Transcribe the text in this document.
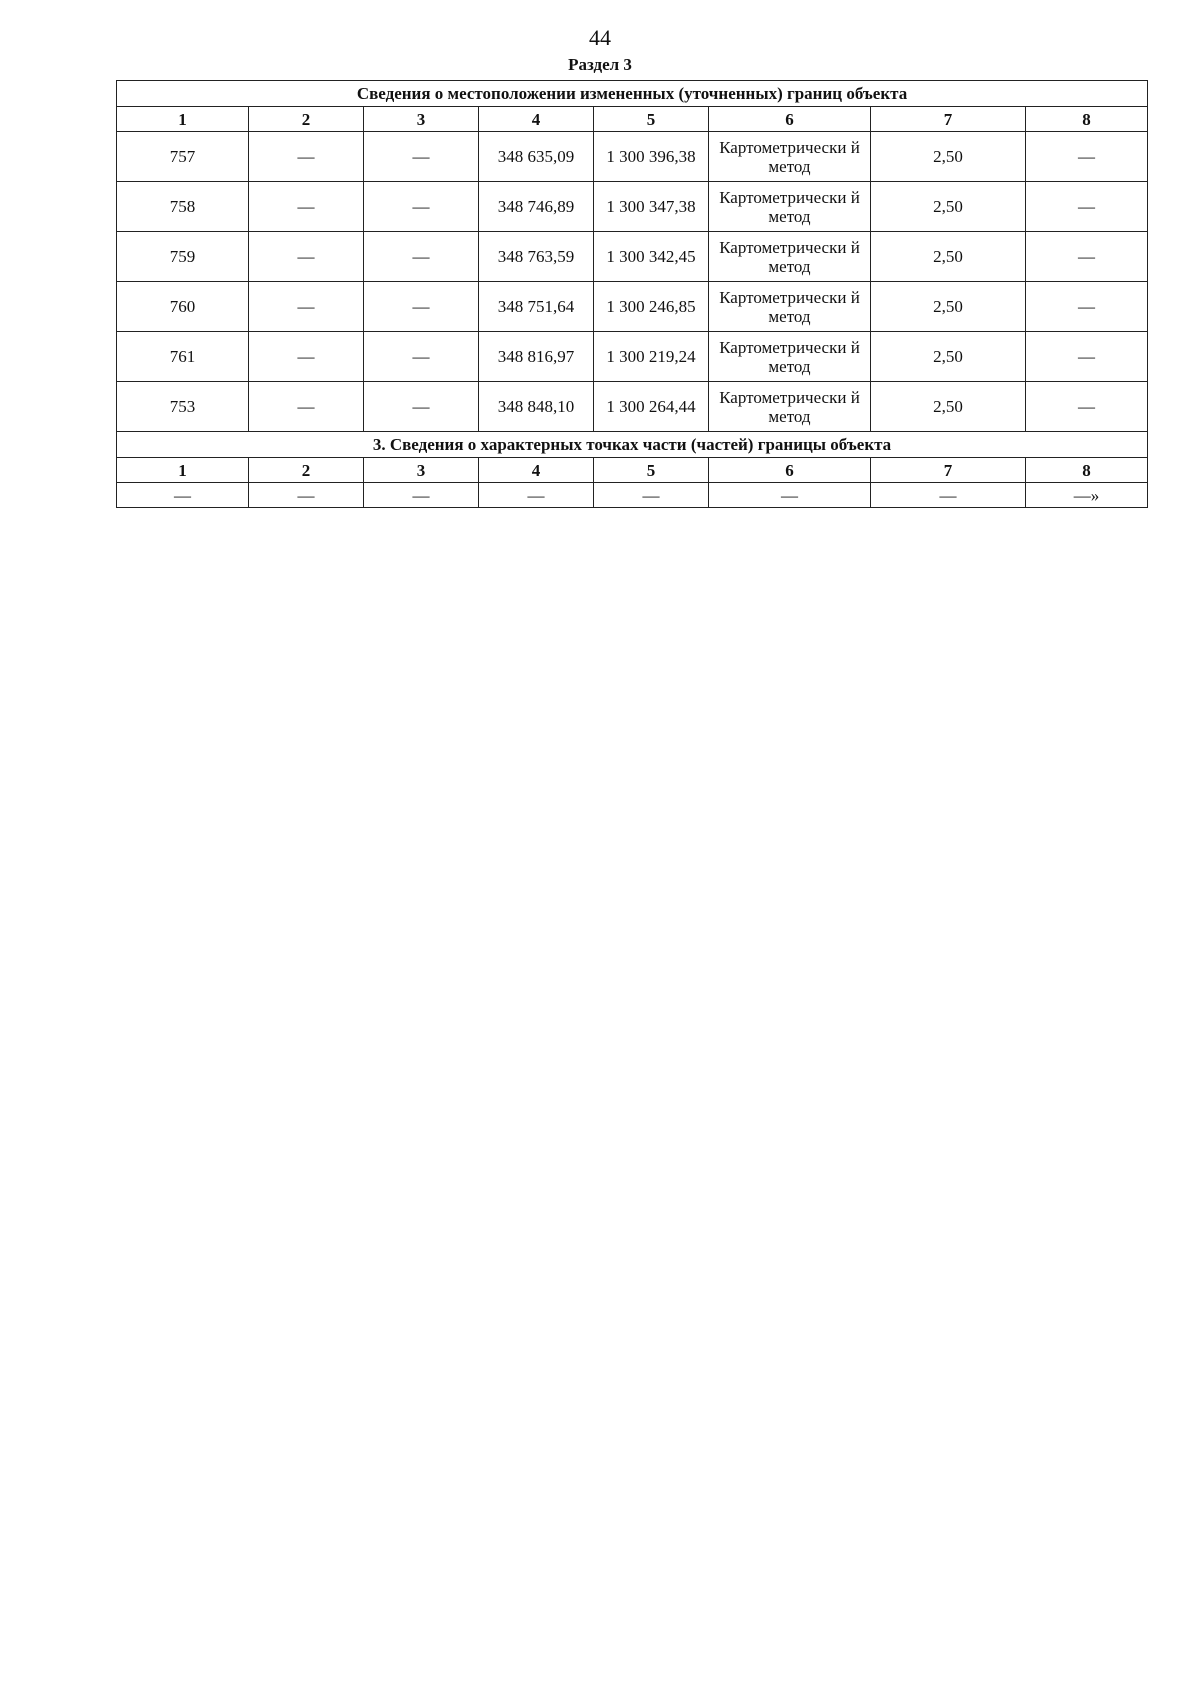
44
Раздел 3
Сведения о местоположении измененных (уточненных) границ объекта							
1	2	3	4	5	6	7	8
757	—	—	348 635,09	1 300 396,38	Картометрически й метод	2,50	—
758	—	—	348 746,89	1 300 347,38	Картометрически й метод	2,50	—
759	—	—	348 763,59	1 300 342,45	Картометрически й метод	2,50	—
760	—	—	348 751,64	1 300 246,85	Картометрически й метод	2,50	—
761	—	—	348 816,97	1 300 219,24	Картометрически й метод	2,50	—
753	—	—	348 848,10	1 300 264,44	Картометрически й метод	2,50	—
3. Сведения о характерных точках части (частей) границы объекта							
1	2	3	4	5	6	7	8
—	—	—	—	—	—	—	—»
